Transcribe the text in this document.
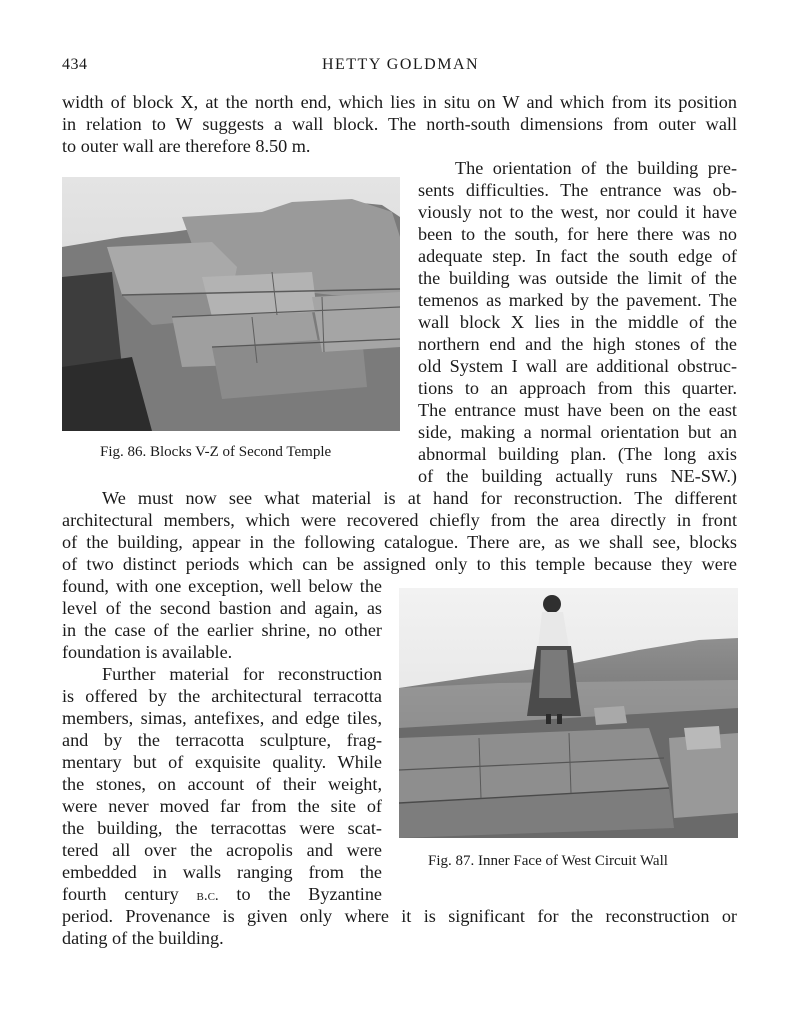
434	HETTY GOLDMAN
width of block X, at the north end, which lies in situ on W and which from its position
in relation to W suggests a wall block. The north-south dimensions from outer wall
to outer wall are therefore 8.50 m.
Fig. 86. Blocks V-Z of Second Temple
The orientation of the building pre-
sents difficulties. The entrance was ob-
viously not to the west, nor could it have
been to the south, for here there was no
adequate step. In fact the south edge of
the building was outside the limit of the
temenos as marked by the pavement. The
wall block X lies in the middle of the
northern end and the high stones of the
old System I wall are additional obstruc-
tions to an approach from this quarter.
The entrance must have been on the east
side, making a normal orientation but an
abnormal building plan. (The long axis
of the building actually runs NE-SW.)
We must now see what material is at hand for reconstruction. The different
architectural members, which were recovered chiefly from the area directly in front
of the building, appear in the following catalogue. There are, as we shall see, blocks
of two distinct periods which can be assigned only to this temple because they were
found, with one exception, well below the
level of the second bastion and again, as
in the case of the earlier shrine, no other
foundation is available.
Further material for reconstruction
is offered by the architectural terracotta
members, simas, antefixes, and edge tiles,
and by the terracotta sculpture, frag-
mentary but of exquisite quality. While
the stones, on account of their weight,
were never moved far from the site of
the building, the terracottas were scat-
tered all over the acropolis and were
embedded in walls ranging from the
fourth century b.c. to the Byzantine
period. Provenance is given only where it is significant for the reconstruction or
dating of the building.
Fig. 87. Inner Face of West Circuit Wall
